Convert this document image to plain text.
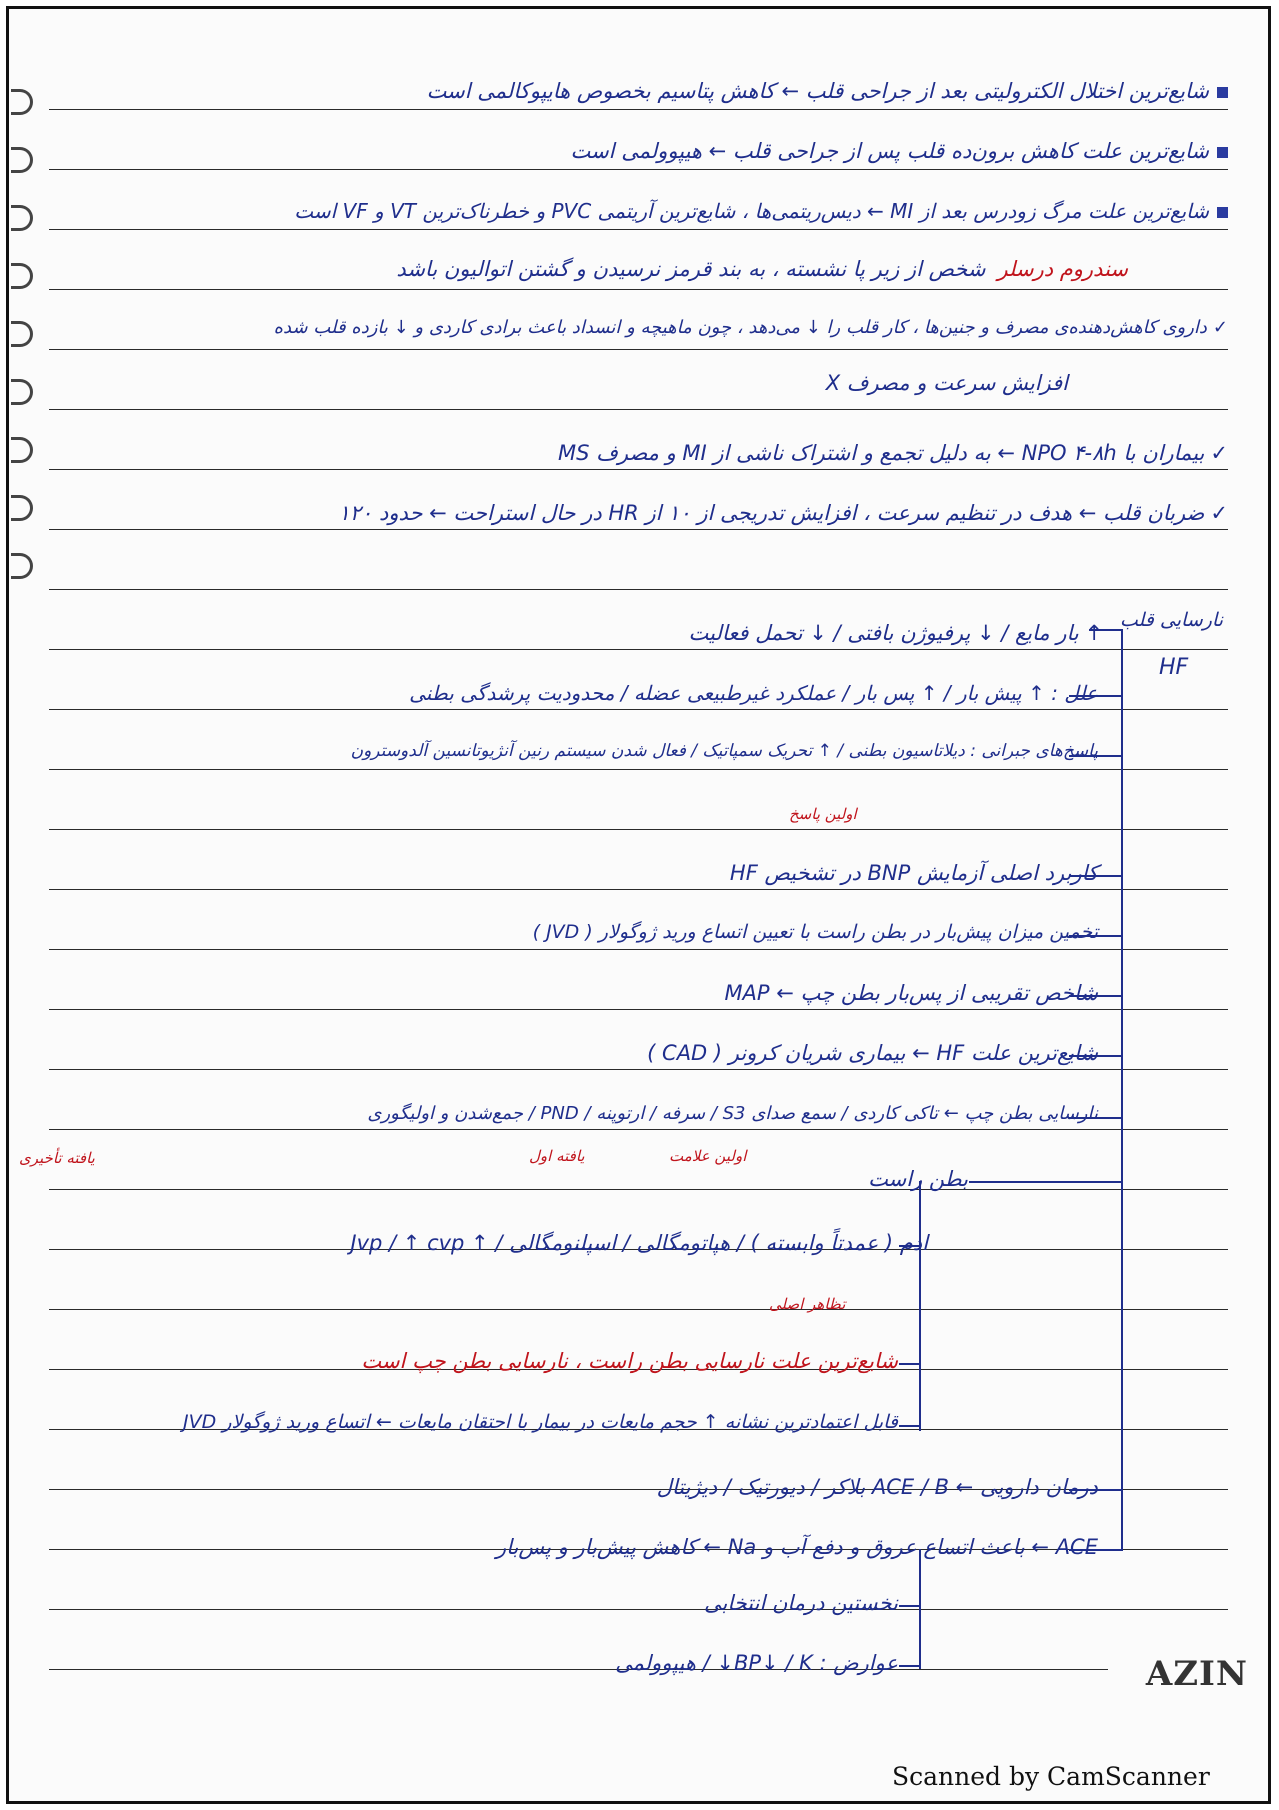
شایع‌ترین اختلال الکترولیتی بعد از جراحی قلب ← کاهش پتاسیم بخصوص هایپوکالمی است
شایع‌ترین علت کاهش برون‌ده قلب پس از جراحی قلب ← هیپوولمی است
شایع‌ترین علت مرگ زودرس بعد از MI ← دیس‌ریتمی‌ها ، شایع‌ترین آریتمی PVC و خطرناک‌ترین VT و VF است
سندروم درسلرشخص از زیر پا نشسته ، به بند قرمز نرسیدن و گشتن اتوالیون باشد
✓داروی کاهش‌دهنده‌ی مصرف و جنین‌ها ، کار قلب را ↓ می‌دهد ، چون ماهیچه و انسداد باعث برادی کاردی و ↓ بازده قلب شده
افزایش سرعت و مصرف X
✓بیماران با NPO ۴-۸h ← به دلیل تجمع و اشتراک ناشی از MI و مصرف MS
✓ضربان قلب ← هدف در تنظیم سرعت ، افزایش تدریجی از ۱۰ از HR در حال استراحت ← حدود ۱۲۰
نارسایی قلب
HF
↑ بار مایع / ↓ پرفیوژن بافتی / ↓ تحمل فعالیت
علل : ↑ پیش بار / ↑ پس بار / عملکرد غیرطبیعی عضله / محدودیت پرشدگی بطنی
پاسخ‌های جبرانی : دیلاتاسیون بطنی / ↑ تحریک سمپاتیک / فعال شدن سیستم رنین آنژیوتانسین آلدوسترون
اولین پاسخ
کاربرد اصلی آزمایش BNP در تشخیص HF
تخمین میزان پیش‌بار در بطن راست با تعیین اتساع ورید ژوگولار ( JVD )
شاخص تقریبی از پس‌بار بطن چپ ← MAP
شایع‌ترین علت HF ← بیماری شریان کرونر ( CAD )
نارسایی بطن چپ ← تاکی کاردی / سمع صدای S3 / سرفه / ارتوپنه / PND / جمع‌شدن و اولیگوری
یافته تأخیری	یافته اول	اولین علامت
بطن راست
ادم ( عمدتاً وابسته ) / هپاتومگالی / اسپلنومگالی / ↑ Jvp / ↑ cvp
تظاهر اصلی
شایع‌ترین علت نارسایی بطن راست ، نارسایی بطن چپ است
قابل اعتمادترین نشانه ↑ حجم مایعات در بیمار با احتقان مایعات ← اتساع ورید ژوگولار JVD
درمان دارویی ← ACE / B بلاکر / دیورتیک / دیژیتال
ACE ← باعث اتساع عروق و دفع آب و Na ← کاهش پیش‌بار و پس‌بار
نخستین درمان انتخابی
عوارض : BP↓ / K↓ / هیپوولمی	AZIN
Scanned by CamScanner
